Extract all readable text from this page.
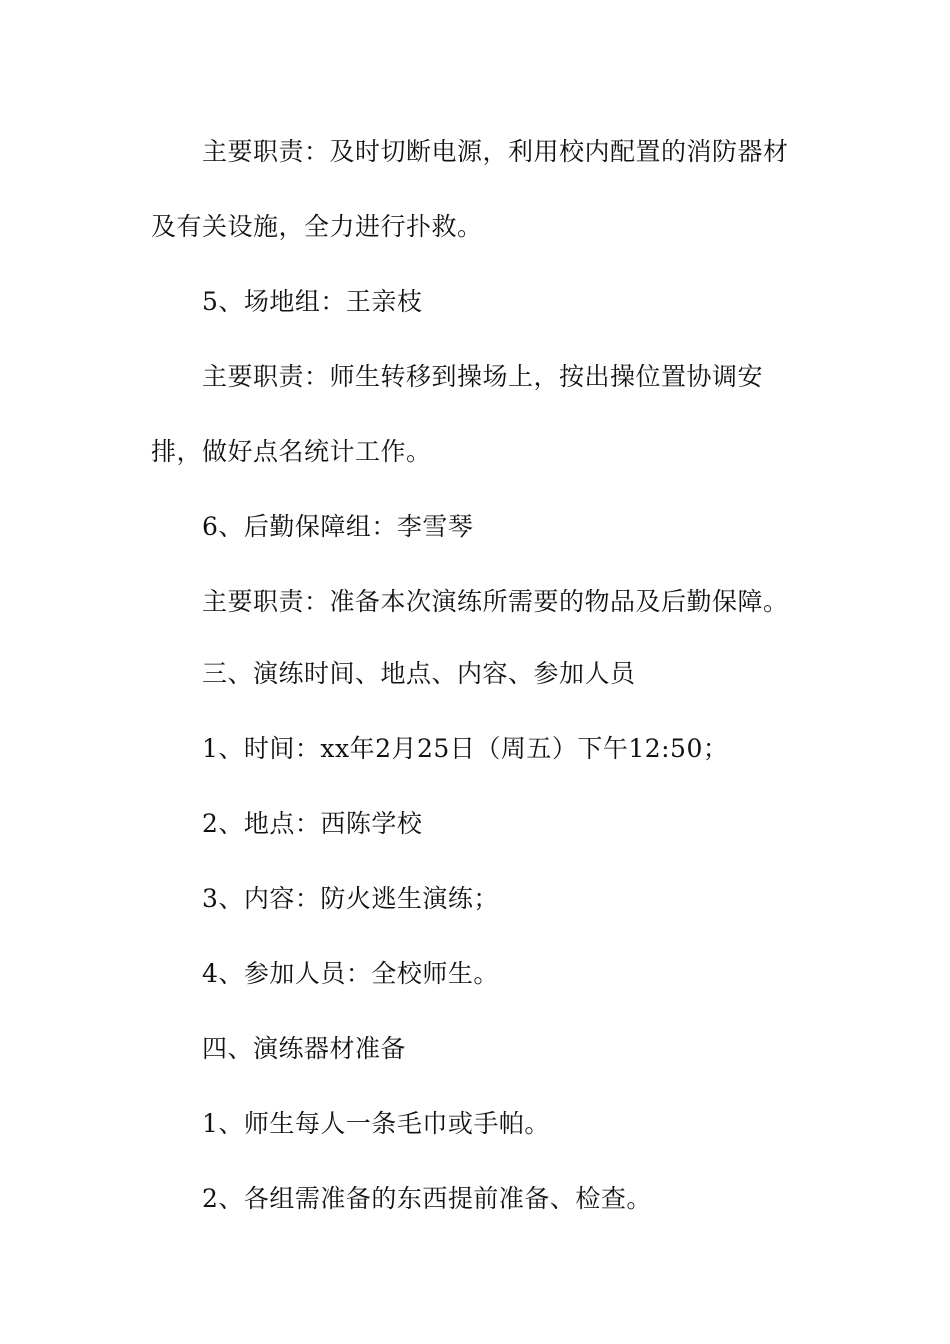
主要职责：及时切断电源，利用校内配置的消防器材
及有关设施，全力进行扑救。
5、场地组：王亲枝
主要职责：师生转移到操场上，按出操位置协调安
排，做好点名统计工作。
6、后勤保障组：李雪琴
主要职责：准备本次演练所需要的物品及后勤保障。
三、演练时间、地点、内容、参加人员
1、时间：xx年2月25日（周五）下午12:50；
2、地点：西陈学校
3、内容：防火逃生演练；
4、参加人员：全校师生。
四、演练器材准备
1、师生每人一条毛巾或手帕。
2、各组需准备的东西提前准备、检查。
